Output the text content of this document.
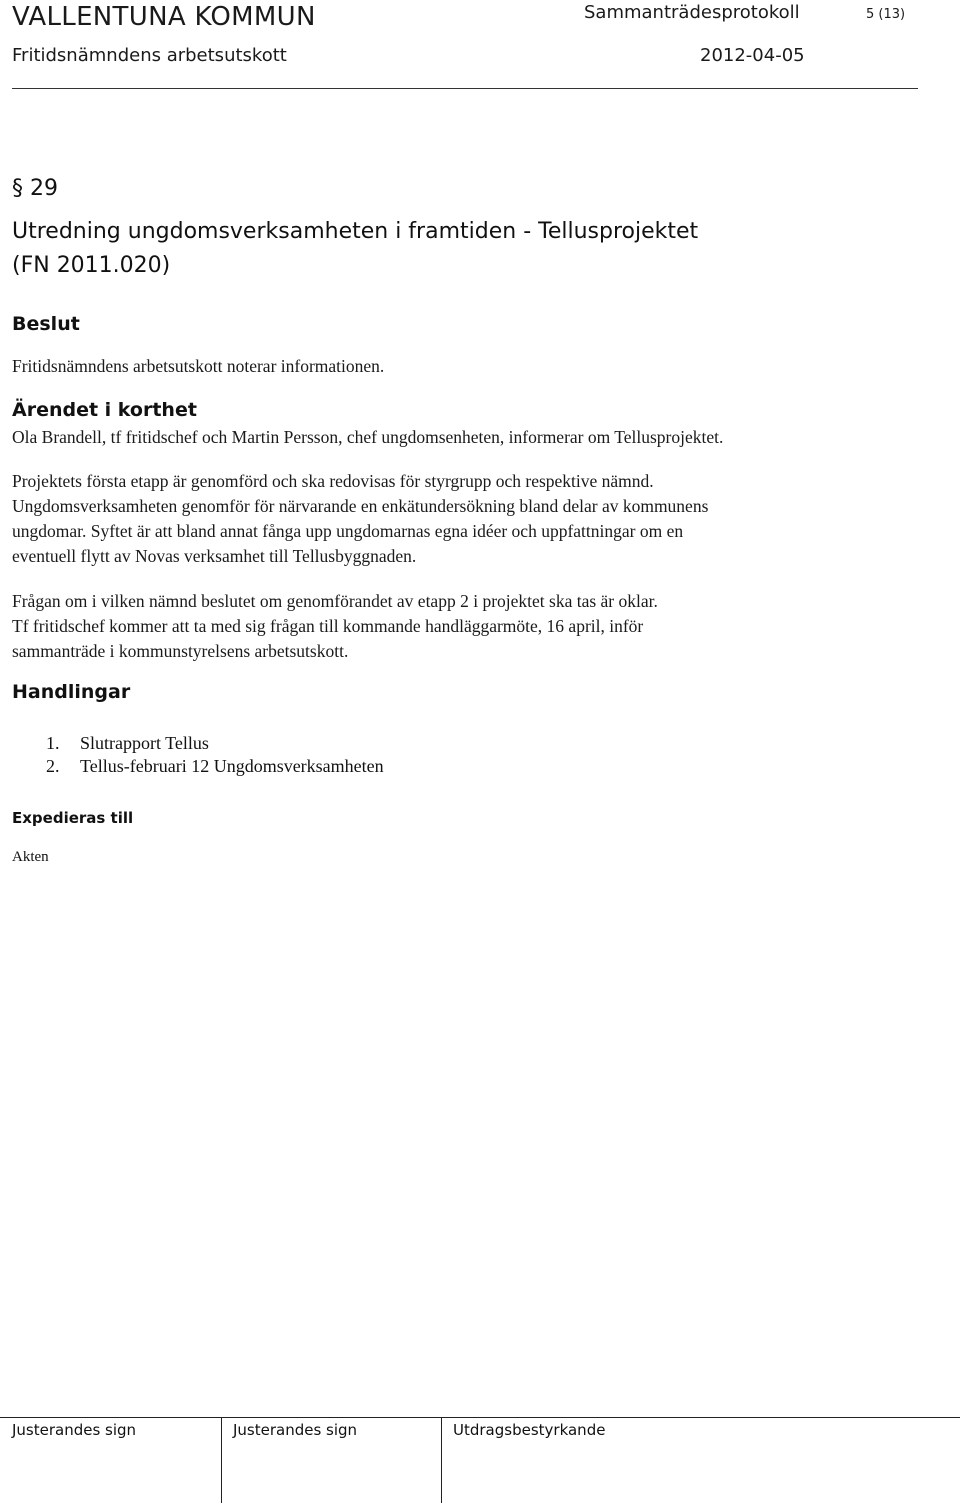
VALLENTUNA KOMMUN	Sammanträdesprotokoll	5 (13)
Fritidsnämndens arbetsutskott	2012-04-05
§ 29
Utredning ungdomsverksamheten i framtiden - Tellusprojektet
(FN 2011.020)
Beslut
Fritidsnämndens arbetsutskott noterar informationen.
Ärendet i korthet
Ola Brandell, tf fritidschef och Martin Persson, chef ungdomsenheten, informerar om Tellusprojektet.
Projektets första etapp är genomförd och ska redovisas för styrgrupp och respektive nämnd.
Ungdomsverksamheten genomför för närvarande en enkätundersökning bland delar av kommunens
ungdomar. Syftet är att bland annat fånga upp ungdomarnas egna idéer och uppfattningar om en
eventuell flytt av Novas verksamhet till Tellusbyggnaden.
Frågan om i vilken nämnd beslutet om genomförandet av etapp 2 i projektet ska tas är oklar.
Tf fritidschef kommer att ta med sig frågan till kommande handläggarmöte, 16 april, inför
sammanträde i kommunstyrelsens arbetsutskott.
Handlingar
1.	Slutrapport Tellus
2.	Tellus-februari 12 Ungdomsverksamheten
Expedieras till
Akten
Justerandes sign	Justerandes sign	Utdragsbestyrkande
